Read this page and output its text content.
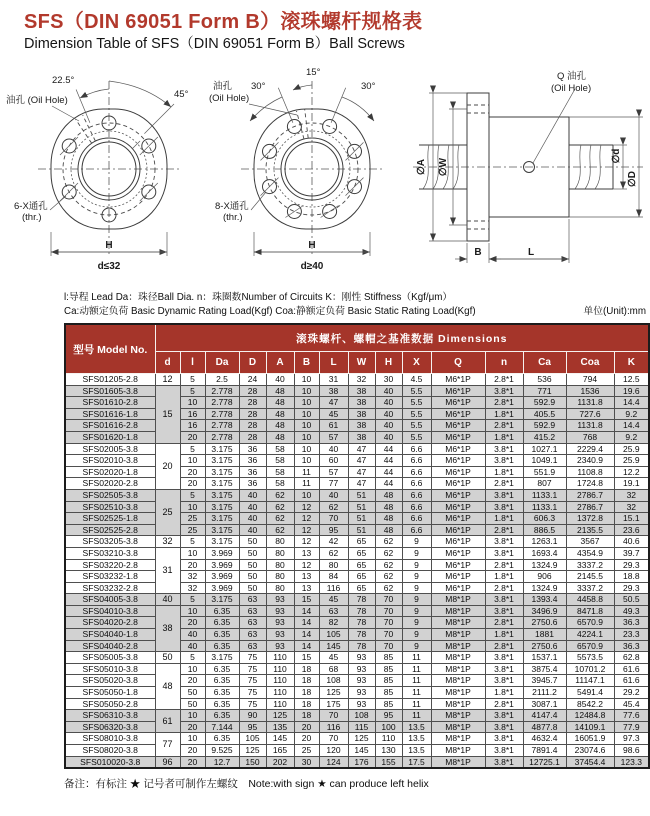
SFS（DIN 69051 Form B）滚珠螺杆规格表
Dimension Table of SFS（DIN 69051 Form B）Ball Screws
22.5°
45°
油孔 (Oil Hole)
6-X通孔
(thr.)
H
d≤32
30°
15°
30°
油孔
(Oil Hole)
8-X通孔
(thr.)
H
d≥40
Q 油孔
(Oil Hole)
∅A ∅W
∅d
∅D
B	L
l:导程 Lead Da：珠径Ball Dia. n：珠圈数Number of Circuits K：刚性 Stiffness（Kgf/μm）
Ca:动额定负荷 Basic Dynamic Rating Load(Kgf) Coa:静额定负荷 Basic Static Rating Load(Kgf)	单位(Unit):mm
型号 Model No.	滚珠螺杆、螺帽之基准数据 Dimensions														
	d	l	Da	D	A	B	L	W	H	X	Q	n	Ca	Coa	K
SFS01205-2.8	12	5	2.5	24	40	10	31	32	30	4.5	M6*1P	2.8*1	536	794	12.5
SFS01605-3.8	15	5	2.778	28	48	10	38	38	40	5.5	M6*1P	3.8*1	771	1536	19.6
SFS01610-2.8		10	2.778	28	48	10	47	38	40	5.5	M6*1P	2.8*1	592.9	1131.8	14.4
SFS01616-1.8		16	2.778	28	48	10	45	38	40	5.5	M6*1P	1.8*1	405.5	727.6	9.2
SFS01616-2.8		16	2.778	28	48	10	61	38	40	5.5	M6*1P	2.8*1	592.9	1131.8	14.4
SFS01620-1.8		20	2.778	28	48	10	57	38	40	5.5	M6*1P	1.8*1	415.2	768	9.2
SFS02005-3.8	20	5	3.175	36	58	10	40	47	44	6.6	M6*1P	3.8*1	1027.1	2229.4	25.9
SFS02010-3.8		10	3.175	36	58	10	60	47	44	6.6	M6*1P	3.8*1	1049.1	2340.9	25.9
SFS02020-1.8		20	3.175	36	58	11	57	47	44	6.6	M6*1P	1.8*1	551.9	1108.8	12.2
SFS02020-2.8		20	3.175	36	58	11	77	47	44	6.6	M6*1P	2.8*1	807	1724.8	19.1
SFS02505-3.8	25	5	3.175	40	62	10	40	51	48	6.6	M6*1P	3.8*1	1133.1	2786.7	32
SFS02510-3.8		10	3.175	40	62	12	62	51	48	6.6	M6*1P	3.8*1	1133.1	2786.7	32
SFS02525-1.8		25	3.175	40	62	12	70	51	48	6.6	M6*1P	1.8*1	606.3	1372.8	15.1
SFS02525-2.8		25	3.175	40	62	12	95	51	48	6.6	M6*1P	2.8*1	886.5	2135.5	23.6
SFS03205-3.8	32	5	3.175	50	80	12	42	65	62	9	M6*1P	3.8*1	1263.1	3567	40.6
SFS03210-3.8	31	10	3.969	50	80	13	62	65	62	9	M6*1P	3.8*1	1693.4	4354.9	39.7
SFS03220-2.8		20	3.969	50	80	12	80	65	62	9	M6*1P	2.8*1	1324.9	3337.2	29.3
SFS03232-1.8		32	3.969	50	80	13	84	65	62	9	M6*1P	1.8*1	906	2145.5	18.8
SFS03232-2.8		32	3.969	50	80	13	116	65	62	9	M6*1P	2.8*1	1324.9	3337.2	29.3
SFS04005-3.8	40	5	3.175	63	93	15	45	78	70	9	M8*1P	3.8*1	1393.4	4458.8	50.5
SFS04010-3.8	38	10	6.35	63	93	14	63	78	70	9	M8*1P	3.8*1	3496.9	8471.8	49.3
SFS04020-2.8		20	6.35	63	93	14	82	78	70	9	M8*1P	2.8*1	2750.6	6570.9	36.3
SFS04040-1.8		40	6.35	63	93	14	105	78	70	9	M8*1P	1.8*1	1881	4224.1	23.3
SFS04040-2.8		40	6.35	63	93	14	145	78	70	9	M8*1P	2.8*1	2750.6	6570.9	36.3
SFS05005-3.8	50	5	3.175	75	110	15	45	93	85	11	M8*1P	3.8*1	1537.1	5573.5	62.8
SFS05010-3.8	48	10	6.35	75	110	18	68	93	85	11	M8*1P	3.8*1	3875.4	10701.2	61.6
SFS05020-3.8		20	6.35	75	110	18	108	93	85	11	M8*1P	3.8*1	3945.7	11147.1	61.6
SFS05050-1.8		50	6.35	75	110	18	125	93	85	11	M8*1P	1.8*1	2111.2	5491.4	29.2
SFS05050-2.8		50	6.35	75	110	18	175	93	85	11	M8*1P	2.8*1	3087.1	8542.2	45.4
SFS06310-3.8	61	10	6.35	90	125	18	70	108	95	11	M8*1P	3.8*1	4147.4	12484.8	77.6
SFS06320-3.8		20	7.144	95	135	20	116	115	100	13.5	M8*1P	3.8*1	4877.8	14109.1	77.9
SFS08010-3.8	77	10	6.35	105	145	20	70	125	110	13.5	M8*1P	3.8*1	4632.4	16051.9	97.3
SFS08020-3.8		20	9.525	125	165	25	120	145	130	13.5	M8*1P	3.8*1	7891.4	23074.6	98.6
SFS010020-3.8	96	20	12.7	150	202	30	124	176	155	17.5	M8*1P	3.8*1	12725.1	37454.4	123.3
备注：有标注 ★ 记号者可制作左螺纹　Note:with sign ★ can produce left helix
